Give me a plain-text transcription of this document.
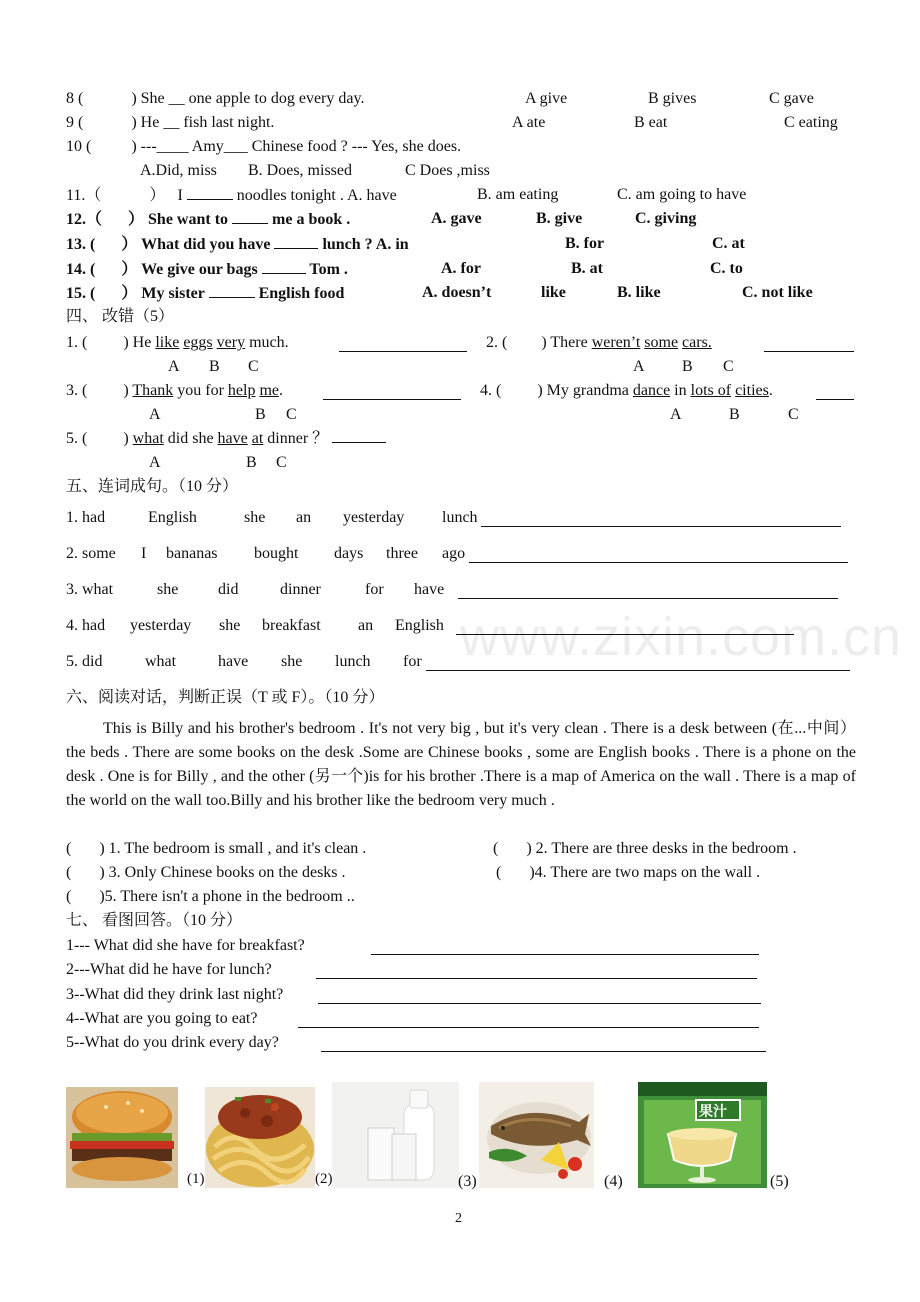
8 (	) She __ one apple to dog every day.	A give	B gives	C gave
9 (	) He __ fish last night.	A ate	B eat	C eating
10 (	) ---____ Amy___ Chinese food ? --- Yes, she does.
A.Did, miss B. Does, missed	C Does ,miss
11.（	） I	noodles tonight . A. have	B. am eating	C. am going to have
12.（ ） She want to	me a book .	A. gave	B. give	C. giving
13. ( ） What did you have	lunch ? A. in	B. for	C. at
14. ( ） We give our bags	Tom .	A. for	B. at	C. to
15. ( ） My sister	English food	A. doesn’t	like	B. like	C. not like
四、 改错（5）
1. ( ) He like eggs very much.	2. ( ) There weren’t some cars.
A B C	A B C
3. ( ) Thank you for help me.	4. ( ) My grandma dance in lots of cities.
A	B C	A	B	C
5. ( ) what did she have at dinner ？
A	B C
五、连词成句。（10 分）
1. had	English	she an yesterday lunch
2. some I bananas bought days three ago
3. what	she did	dinner	for have
4. had yesterday she breakfast an English
5. did	what	have she lunch for www.zixin.com.cn
六、阅读对话，判断正误（T 或 F）。（10 分）
This is Billy and his brother's bedroom . It's not very big , but it's very clean . There is a desk between (在...中间）the beds . There are some books on the desk .Some are Chinese books , some are English books . There is a phone on the desk . One is for Billy , and the other (另一个)is for his brother .There is a map of America on the wall . There is a map of the world on the wall too.Billy and his brother like the bedroom very much .
( ) 1. The bedroom is small , and it's clean .	( ) 2. There are three desks in the bedroom .
( ) 3. Only Chinese books on the desks .	( )4. There are two maps on the wall .
( )5. There isn't a phone in the bedroom ..
七、 看图回答。（10 分）
1--- What did she have for breakfast?
2---What did he have for lunch?
3--What did they drink last night?
4--What are you going to eat?
5--What do you drink every day?
(1)	(2)	(3)	(4)
果汁
(5)
2
